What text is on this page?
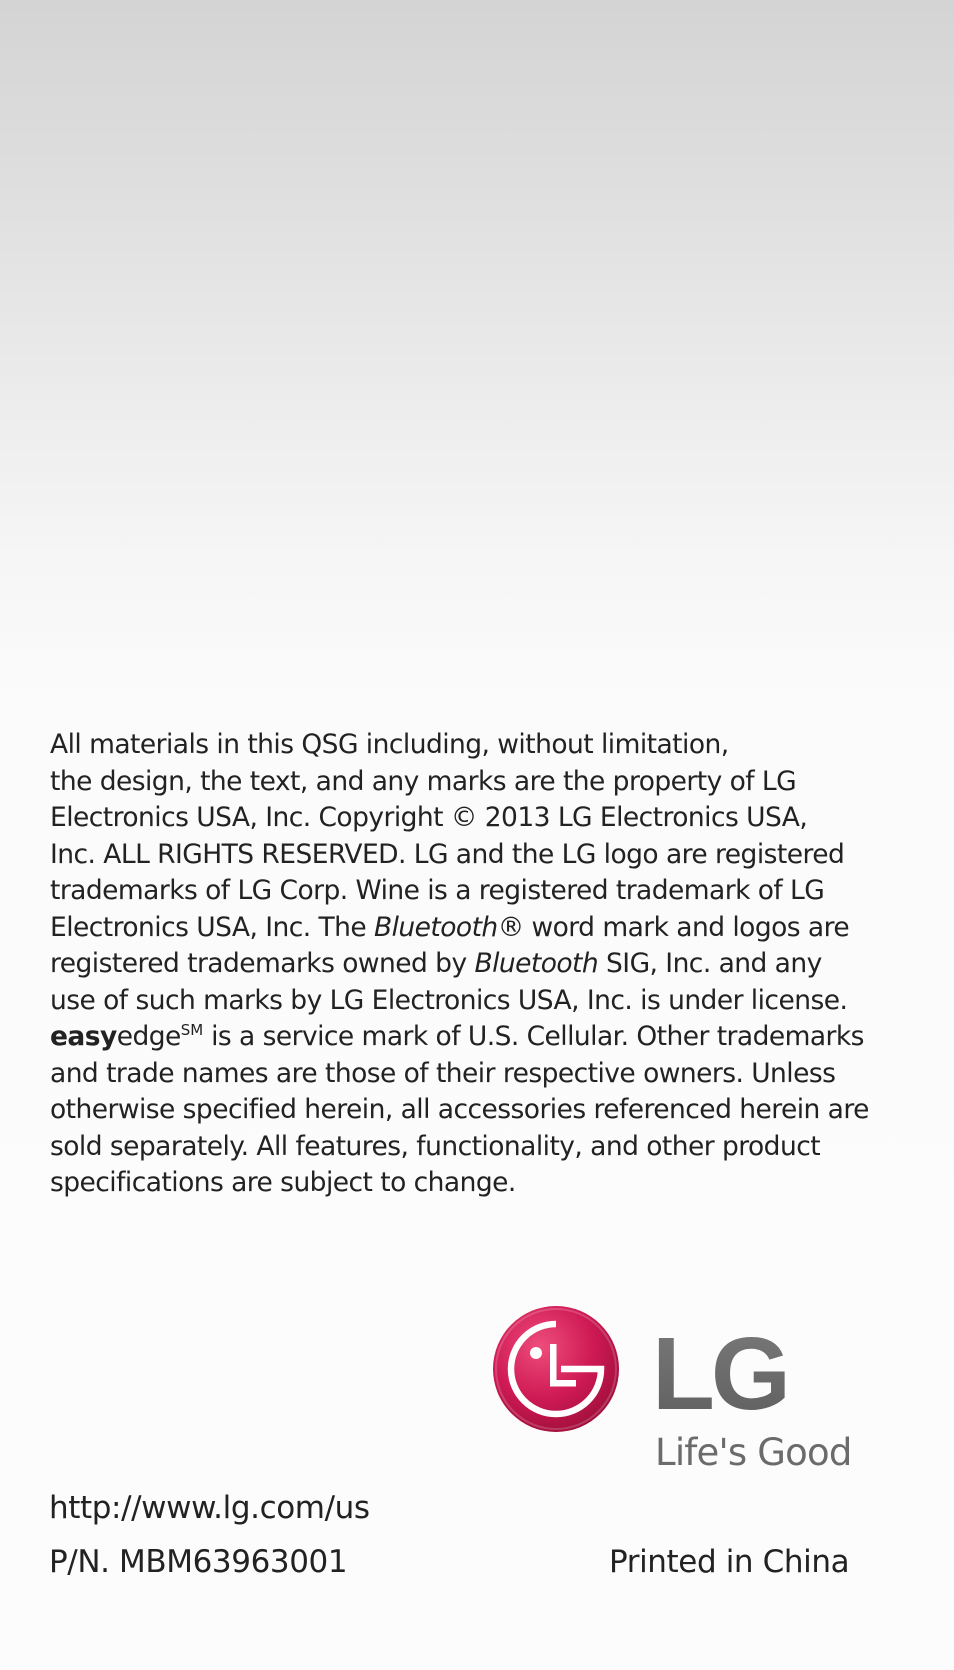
All materials in this QSG including, without limitation,
the design, the text, and any marks are the property of LG
Electronics USA, Inc. Copyright © 2013 LG Electronics USA,
Inc. ALL RIGHTS RESERVED. LG and the LG logo are registered
trademarks of LG Corp. Wine is a registered trademark of LG
Electronics USA, Inc. The Bluetooth® word mark and logos are
registered trademarks owned by Bluetooth SIG, Inc. and any
use of such marks by LG Electronics USA, Inc. is under license.
easyedge℠ is a service mark of U.S. Cellular. Other trademarks
and trade names are those of their respective owners. Unless
otherwise specified herein, all accessories referenced herein are
sold separately. All features, functionality, and other product
specifications are subject to change.
LG
Life's Good
http://www.lg.com/us
P/N. MBM63963001	Printed in China
